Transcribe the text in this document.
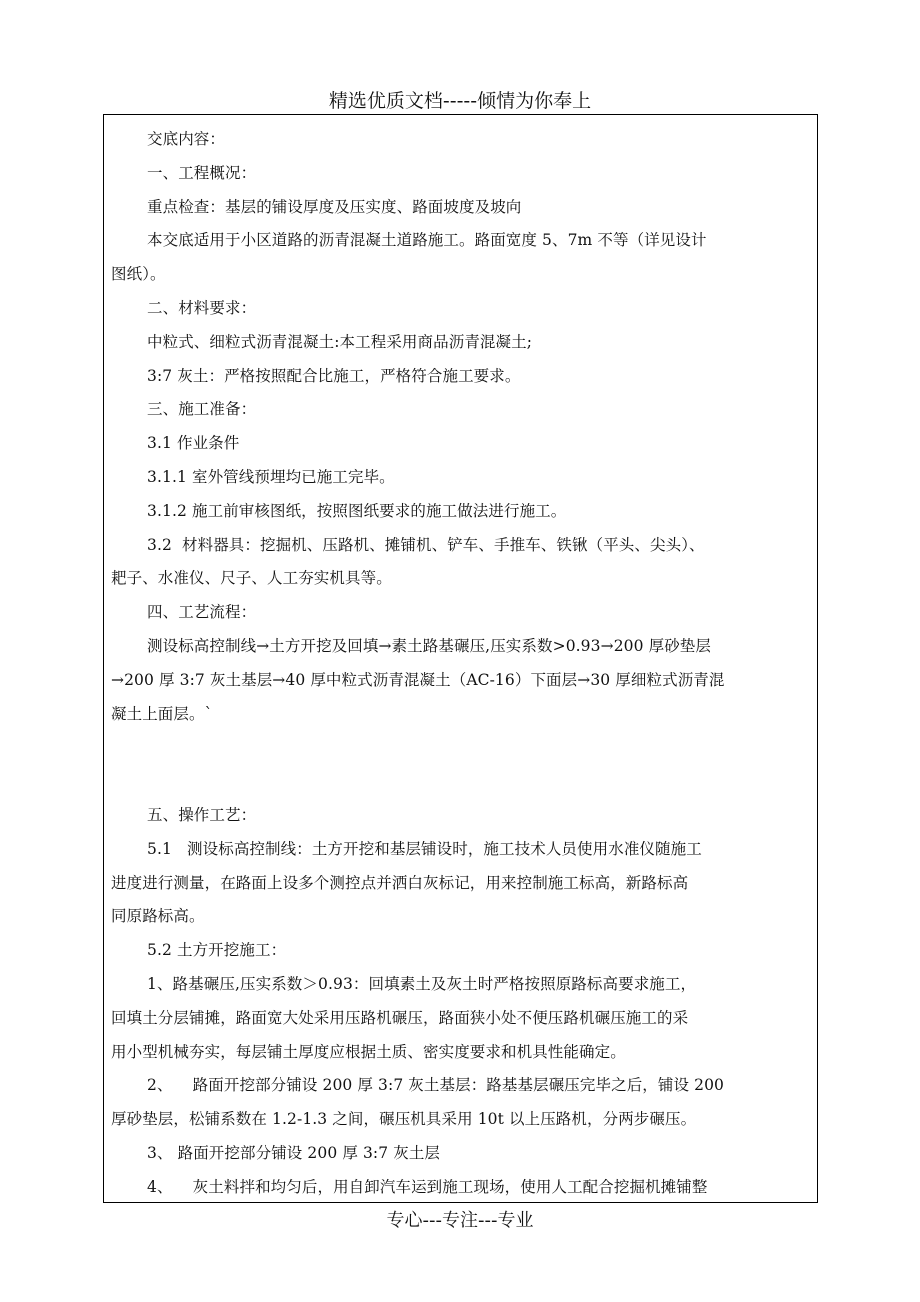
精选优质文档-----倾情为你奉上
交底内容：
一、工程概况：
重点检查：基层的铺设厚度及压实度、路面坡度及坡向
本交底适用于小区道路的沥青混凝土道路施工。路面宽度 5、7m 不等（详见设计
图纸）。
二、材料要求：
中粒式、细粒式沥青混凝土:本工程采用商品沥青混凝土;
3:7 灰土：严格按照配合比施工，严格符合施工要求。
三、施工准备：
3.1 作业条件
3.1.1 室外管线预埋均已施工完毕。
3.1.2 施工前审核图纸，按照图纸要求的施工做法进行施工。
3.2  材料器具：挖掘机、压路机、摊铺机、铲车、手推车、铁锹（平头、尖头）、
耙子、水准仪、尺子、人工夯实机具等。
四、工艺流程：
测设标高控制线→土方开挖及回填→素土路基碾压,压实系数>0.93→200 厚砂垫层
→200 厚 3:7 灰土基层→40 厚中粒式沥青混凝土（AC-16）下面层→30 厚细粒式沥青混
凝土上面层。`
五、操作工艺：
5.1   测设标高控制线：土方开挖和基层铺设时，施工技术人员使用水准仪随施工
进度进行测量，在路面上设多个测控点并洒白灰标记，用来控制施工标高，新路标高
同原路标高。
5.2 土方开挖施工：
1、路基碾压,压实系数＞0.93：回填素土及灰土时严格按照原路标高要求施工，
回填土分层铺摊，路面宽大处采用压路机碾压，路面狭小处不便压路机碾压施工的采
用小型机械夯实，每层铺土厚度应根据土质、密实度要求和机具性能确定。
2、    路面开挖部分铺设 200 厚 3:7 灰土基层：路基基层碾压完毕之后，铺设 200
厚砂垫层，松铺系数在 1.2-1.3 之间，碾压机具采用 10t 以上压路机，分两步碾压。
3、 路面开挖部分铺设 200 厚 3:7 灰土层
4、    灰土料拌和均匀后，用自卸汽车运到施工现场，使用人工配合挖掘机摊铺整
专心---专注---专业
